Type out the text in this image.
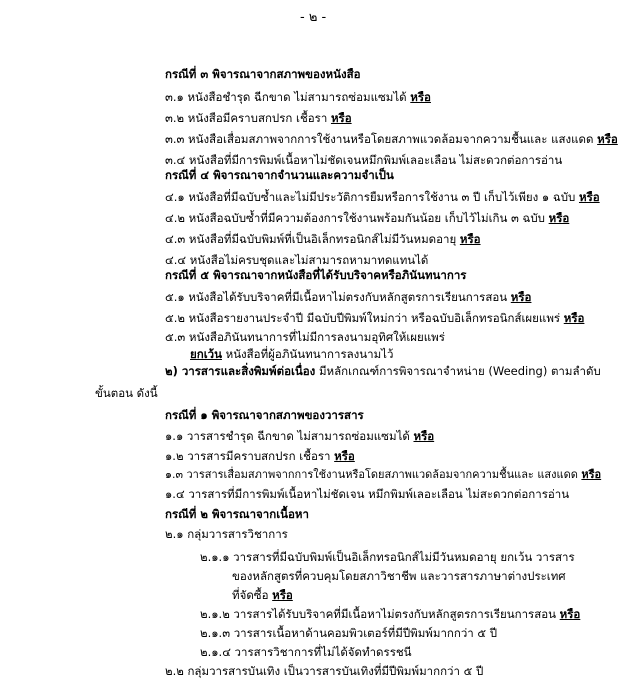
- ๒ -
กรณีที่ ๓ พิจารณาจากสภาพของหนังสือ
๓.๑ หนังสือชำรุด ฉีกขาด ไม่สามารถซ่อมแซมได้ หรือ
๓.๒ หนังสือมีคราบสกปรก เชื้อรา หรือ
๓.๓ หนังสือเสื่อมสภาพจากการใช้งานหรือโดยสภาพแวดล้อมจากความชื้นและ แสงแดด หรือ
๓.๔ หนังสือที่มีการพิมพ์เนื้อหาไม่ชัดเจนหมึกพิมพ์เลอะเลือน ไม่สะดวกต่อการอ่าน
กรณีที่ ๔ พิจารณาจากจำนวนและความจำเป็น
๔.๑ หนังสือที่มีฉบับซ้ำและไม่มีประวัติการยืมหรือการใช้งาน ๓ ปี เก็บไว้เพียง ๑ ฉบับ หรือ
๔.๒ หนังสือฉบับซ้ำที่มีความต้องการใช้งานพร้อมกันน้อย เก็บไว้ไม่เกิน ๓ ฉบับ หรือ
๔.๓ หนังสือที่มีฉบับพิมพ์ที่เป็นอิเล็กทรอนิกส์ไม่มีวันหมดอายุ หรือ
๔.๔ หนังสือไม่ครบชุดและไม่สามารถหามาทดแทนได้
กรณีที่ ๕ พิจารณาจากหนังสือที่ได้รับบริจาคหรือภินันทนาการ
๕.๑ หนังสือได้รับบริจาคที่มีเนื้อหาไม่ตรงกับหลักสูตรการเรียนการสอน หรือ
๕.๒ หนังสือรายงานประจำปี มีฉบับปีพิมพ์ใหม่กว่า หรือฉบับอิเล็กทรอนิกส์เผยแพร่ หรือ
๕.๓ หนังสือภินันทนาการที่ไม่มีการลงนามอุทิศให้เผยแพร่
ยกเว้น หนังสือที่ผู้อภินันทนาการลงนามไว้
๒) วารสารและสิ่งพิมพ์ต่อเนื่อง มีหลักเกณฑ์การพิจารณาจำหน่าย (Weeding) ตามลำดับ
ขั้นตอน ดังนี้
กรณีที่ ๑ พิจารณาจากสภาพของวารสาร
๑.๑ วารสารชำรุด ฉีกขาด ไม่สามารถซ่อมแซมได้ หรือ
๑.๒ วารสารมีคราบสกปรก เชื้อรา หรือ
๑.๓ วารสารเสื่อมสภาพจากการใช้งานหรือโดยสภาพแวดล้อมจากความชื้นและ แสงแดด หรือ
๑.๔ วารสารที่มีการพิมพ์เนื้อหาไม่ชัดเจน หมึกพิมพ์เลอะเลือน ไม่สะดวกต่อการอ่าน
กรณีที่ ๒ พิจารณาจากเนื้อหา
๒.๑ กลุ่มวารสารวิชาการ
๒.๑.๑ วารสารที่มีฉบับพิมพ์เป็นอิเล็กทรอนิกส์ไม่มีวันหมดอายุ ยกเว้น วารสาร
ของหลักสูตรที่ควบคุมโดยสภาวิชาชีพ และวารสารภาษาต่างประเทศ
ที่จัดซื้อ หรือ
๒.๑.๒ วารสารได้รับบริจาคที่มีเนื้อหาไม่ตรงกับหลักสูตรการเรียนการสอน หรือ
๒.๑.๓ วารสารเนื้อหาด้านคอมพิวเตอร์ที่มีปีพิมพ์มากกว่า ๕ ปี
๒.๑.๔ วารสารวิชาการที่ไม่ได้จัดทำดรรชนี
๒.๒ กลุ่มวารสารบันเทิง เป็นวารสารบันเทิงที่มีปีพิมพ์มากกว่า ๕ ปี
